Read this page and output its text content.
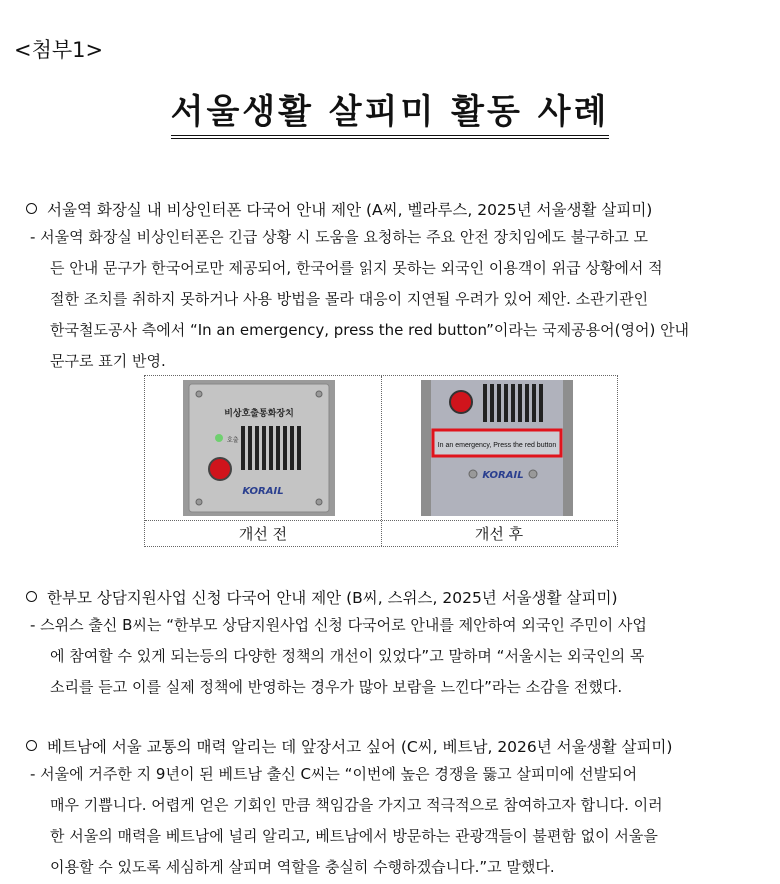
<첨부1>
서울생활 살피미 활동 사례
서울역 화장실 내 비상인터폰 다국어 안내 제안 (A씨, 벨라루스, 2025년 서울생활 살피미)
- 서울역 화장실 비상인터폰은 긴급 상황 시 도움을 요청하는 주요 안전 장치임에도 불구하고 모
든 안내 문구가 한국어로만 제공되어, 한국어를 읽지 못하는 외국인 이용객이 위급 상황에서 적
절한 조치를 취하지 못하거나 사용 방법을 몰라 대응이 지연될 우려가 있어 제안. 소관기관인
한국철도공사 측에서 “In an emergency, press the red button”이라는 국제공용어(영어) 안내
문구로 표기 반영.
비상호출통화장치
호출
KORAIL
In an emergency, Press the red button
KORAIL
개선 전	개선 후
한부모 상담지원사업 신청 다국어 안내 제안 (B씨, 스위스, 2025년 서울생활 살피미)
- 스위스 출신 B씨는 “한부모 상담지원사업 신청 다국어로 안내를 제안하여 외국인 주민이 사업
에 참여할 수 있게 되는등의 다양한 정책의 개선이 있었다”고 말하며 “서울시는 외국인의 목
소리를 듣고 이를 실제 정책에 반영하는 경우가 많아 보람을 느낀다”라는 소감을 전했다.
베트남에 서울 교통의 매력 알리는 데 앞장서고 싶어 (C씨, 베트남, 2026년 서울생활 살피미)
- 서울에 거주한 지 9년이 된 베트남 출신 C씨는 “이번에 높은 경쟁을 뚫고 살피미에 선발되어
매우 기쁩니다. 어렵게 얻은 기회인 만큼 책임감을 가지고 적극적으로 참여하고자 합니다. 이러
한 서울의 매력을 베트남에 널리 알리고, 베트남에서 방문하는 관광객들이 불편함 없이 서울을
이용할 수 있도록 세심하게 살피며 역할을 충실히 수행하겠습니다.”고 말했다.
